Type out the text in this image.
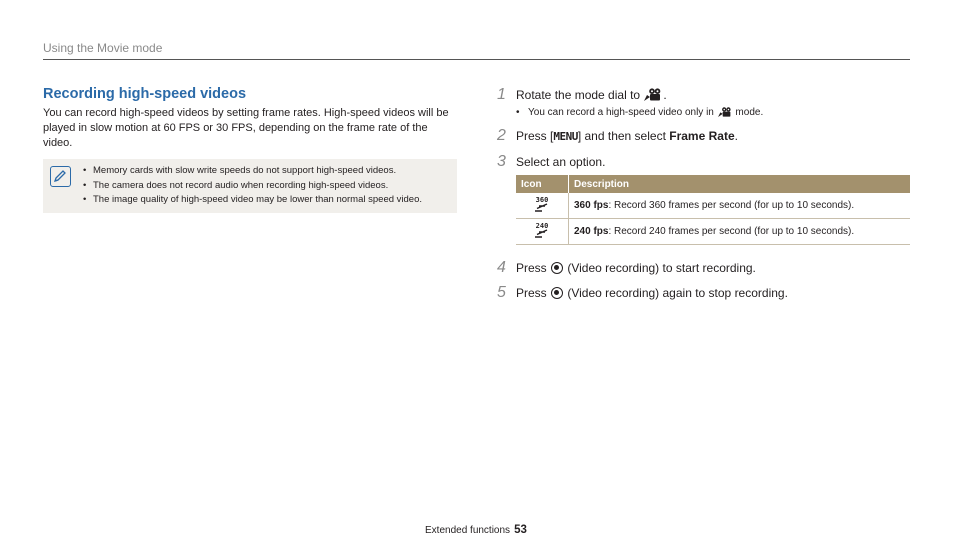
Using the Movie mode
Recording high-speed videos

You can record high-speed videos by setting frame rates. High-speed videos will be played in slow motion at 60 FPS or 30 FPS, depending on the frame rate of the video.

• Memory cards with slow write speeds do not support high-speed videos.
• The camera does not record audio when recording high-speed videos.
• The image quality of high-speed video may be lower than normal speed video.
1 Rotate the mode dial to .
• You can record a high-speed video only in  mode.
2 Press [MENU] and then select Frame Rate.
3 Select an option.
Icon	Description

360	360 fps: Record 360 frames per second (for up to 10 seconds).

240	240 fps: Record 240 frames per second (for up to 10 seconds).
4 Press  (Video recording) to start recording.
5 Press  (Video recording) again to stop recording.
Extended functions 53
